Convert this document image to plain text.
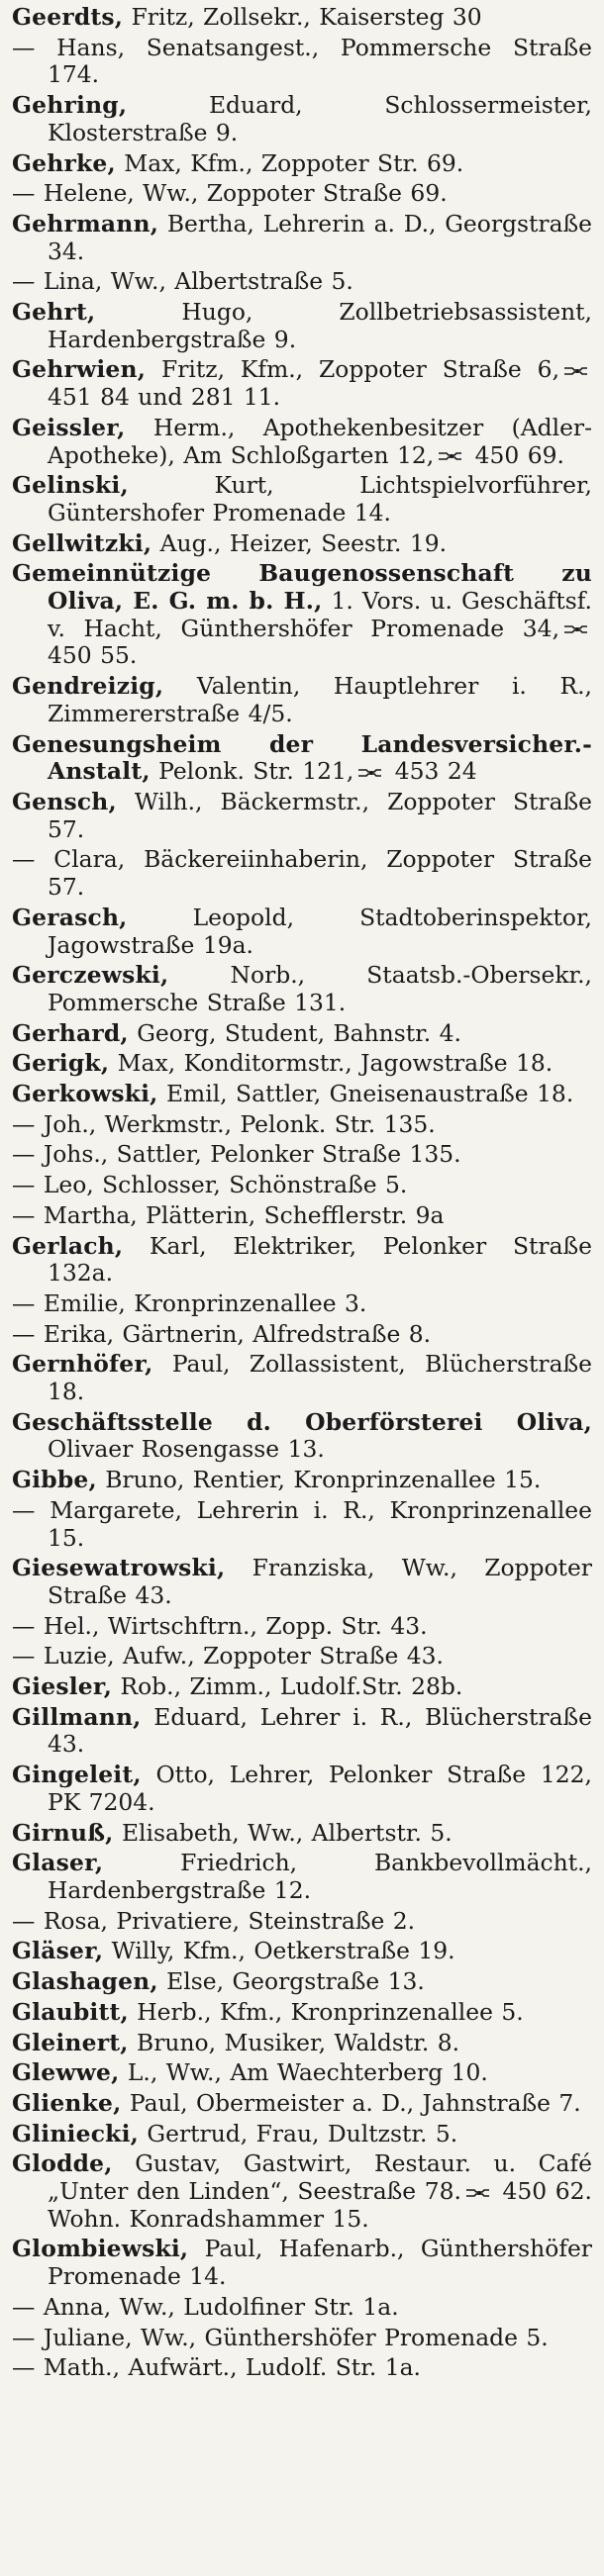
Geerdts, Fritz, Zollsekr., Kaisersteg 30

— Hans, Senatsangest., Pommersche Straße 174.

Gehring, Eduard, Schlossermeister, Klosterstraße 9.

Gehrke, Max, Kfm., Zoppoter Str. 69.

— Helene, Ww., Zoppoter Straße 69.

Gehrmann, Bertha, Lehrerin a. D., Georgstraße 34.

— Lina, Ww., Albertstraße 5.

Gehrt, Hugo, Zollbetriebsassistent, Hardenbergstraße 9.

Gehrwien, Fritz, Kfm., Zoppoter Straße 6,
451 84 und 281 11.

Geissler, Herm., Apothekenbesitzer (Adler-Apotheke), Am Schloßgarten 12,
450 69.

Gelinski, Kurt, Lichtspielvorführer, Güntershofer Promenade 14.

Gellwitzki, Aug., Heizer, Seestr. 19.

Gemeinnützige Baugenossenschaft zu Oliva, E. G. m. b. H., 1. Vors. u. Geschäftsf. v. Hacht, Günthershöfer Promenade 34,
450 55.

Gendreizig, Valentin, Hauptlehrer i. R., Zimmererstraße 4/5.

Genesungsheim der Landesversicher.-Anstalt, Pelonk. Str. 121,
453 24

Gensch, Wilh., Bäckermstr., Zoppoter Straße 57.

— Clara, Bäckereiinhaberin, Zoppoter Straße 57.

Gerasch, Leopold, Stadtoberinspektor, Jagowstraße 19a.

Gerczewski, Norb., Staatsb.-Obersekr., Pommersche Straße 131.

Gerhard, Georg, Student, Bahnstr. 4.

Gerigk, Max, Konditormstr., Jagowstraße 18.

Gerkowski, Emil, Sattler, Gneisenaustraße 18.

— Joh., Werkmstr., Pelonk. Str. 135.

— Johs., Sattler, Pelonker Straße 135.

— Leo, Schlosser, Schönstraße 5.

— Martha, Plätterin, Schefflerstr. 9a

Gerlach, Karl, Elektriker, Pelonker Straße 132a.

— Emilie, Kronprinzenallee 3.

— Erika, Gärtnerin, Alfredstraße 8.

Gernhöfer, Paul, Zollassistent, Blücherstraße 18.

Geschäftsstelle d. Oberförsterei Oliva, Olivaer Rosengasse 13.

Gibbe, Bruno, Rentier, Kronprinzenallee 15.

— Margarete, Lehrerin i. R., Kronprinzenallee 15.

Giesewatrowski, Franziska, Ww., Zoppoter Straße 43.

— Hel., Wirtschftrn., Zopp. Str. 43.

— Luzie, Aufw., Zoppoter Straße 43.

Giesler, Rob., Zimm., Ludolf.Str. 28b.

Gillmann, Eduard, Lehrer i. R., Blücherstraße 43.

Gingeleit, Otto, Lehrer, Pelonker Straße 122, PK 7204.

Girnuß, Elisabeth, Ww., Albertstr. 5.

Glaser, Friedrich, Bankbevollmächt., Hardenbergstraße 12.

— Rosa, Privatiere, Steinstraße 2.

Gläser, Willy, Kfm., Oetkerstraße 19.

Glashagen, Else, Georgstraße 13.

Glaubitt, Herb., Kfm., Kronprinzenallee 5.

Gleinert, Bruno, Musiker, Waldstr. 8.

Glewwe, L., Ww., Am Waechterberg 10.

Glienke, Paul, Obermeister a. D., Jahnstraße 7.

Gliniecki, Gertrud, Frau, Dultzstr. 5.

Glodde, Gustav, Gastwirt, Restaur. u. Café „Unter den Linden“, Seestraße 78.
450 62. Wohn. Konradshammer 15.

Glombiewski, Paul, Hafenarb., Günthershöfer Promenade 14.

— Anna, Ww., Ludolfiner Str. 1a.

— Juliane, Ww., Günthershöfer Promenade 5.

— Math., Aufwärt., Ludolf. Str. 1a.
